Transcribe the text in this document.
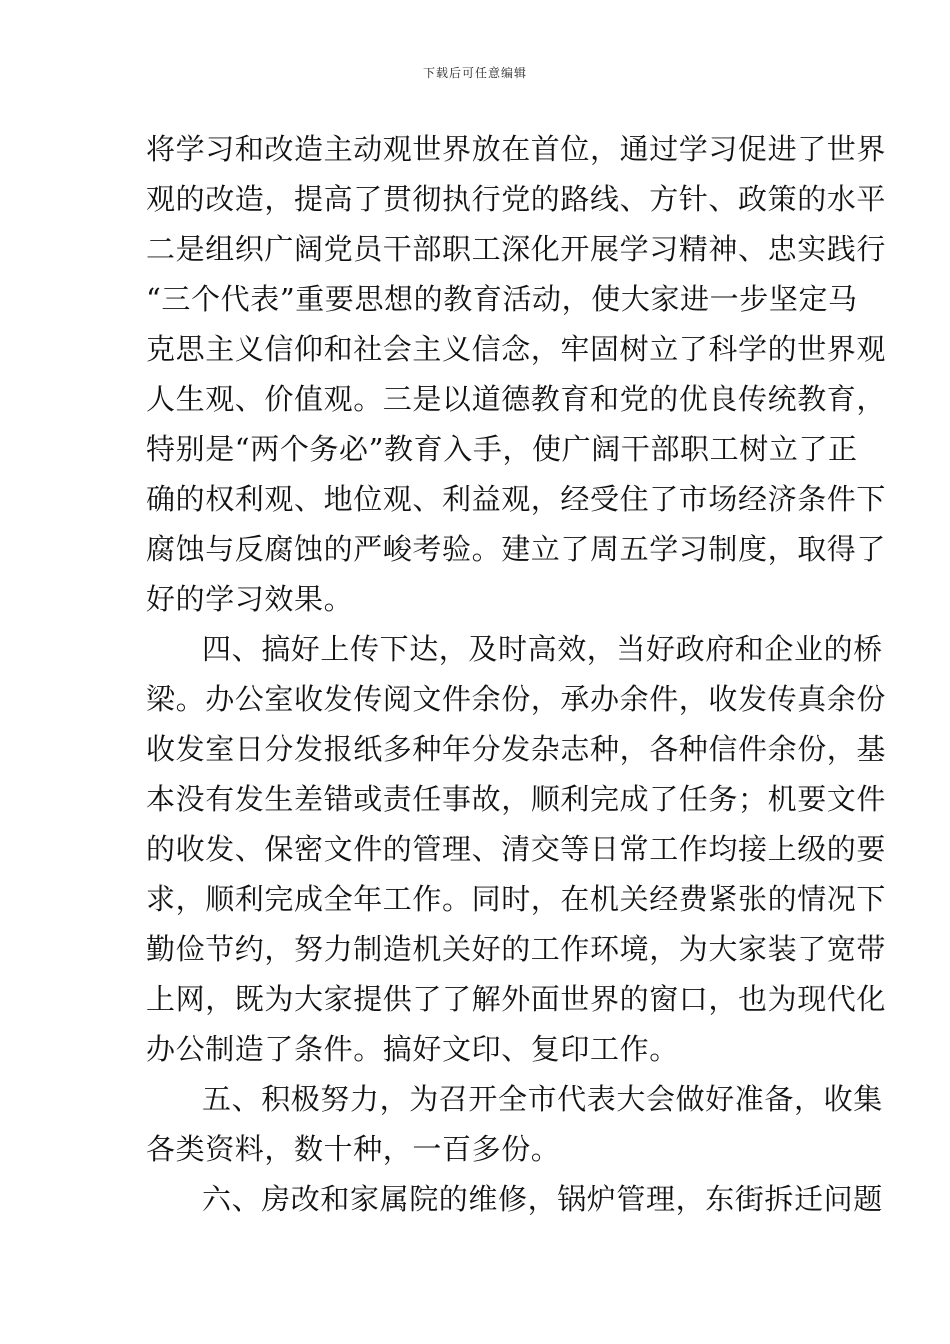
下载后可任意编辑
将学习和改造主动观世界放在首位，通过学习促进了世界
观的改造，提高了贯彻执行党的路线、方针、政策的水平
二是组织广阔党员干部职工深化开展学习精神、忠实践行
“三个代表”重要思想的教育活动，使大家进一步坚定马
克思主义信仰和社会主义信念，牢固树立了科学的世界观
人生观、价值观。三是以道德教育和党的优良传统教育，
特别是“两个务必”教育入手，使广阔干部职工树立了正
确的权利观、地位观、利益观，经受住了市场经济条件下
腐蚀与反腐蚀的严峻考验。建立了周五学习制度，取得了
好的学习效果。
四、搞好上传下达，及时高效，当好政府和企业的桥
梁。办公室收发传阅文件余份，承办余件，收发传真余份
收发室日分发报纸多种年分发杂志种，各种信件余份，基
本没有发生差错或责任事故，顺利完成了任务；机要文件
的收发、保密文件的管理、清交等日常工作均接上级的要
求，顺利完成全年工作。同时，在机关经费紧张的情况下
勤俭节约，努力制造机关好的工作环境，为大家装了宽带
上网，既为大家提供了了解外面世界的窗口，也为现代化
办公制造了条件。搞好文印、复印工作。
五、积极努力，为召开全市代表大会做好准备，收集
各类资料，数十种，一百多份。
六、房改和家属院的维修，锅炉管理，东街拆迁问题
